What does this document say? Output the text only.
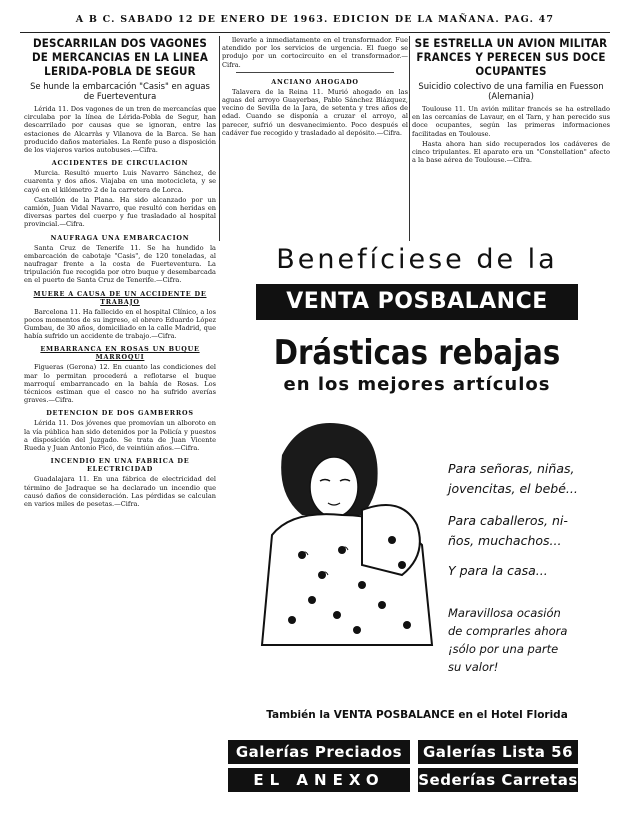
A B C. SABADO 12 DE ENERO DE 1963. EDICION DE LA MAÑANA. PAG. 47
DESCARRILAN DOS VAGONES DE MERCANCIAS EN LA LINEA LERIDA-POBLA DE SEGUR
Se hunde la embarcación "Casis" en aguas de Fuerteventura

Lérida 11. Dos vagones de un tren de mercancías que circulaba por la línea de Lérida-Pobla de Segur, han descarrilado por causas que se ignoran, entre las estaciones de Alcarràs y Vilanova de la Barca. Se han producido daños materiales. La Renfe puso a disposición de los viajeros varios autobuses.—Cifra.

ACCIDENTES DE CIRCULACION

Murcia. Resultó muerto Luis Navarro Sánchez, de cuarenta y dos años. Viajaba en una motocicleta, y se cayó en el kilómetro 2 de la carretera de Lorca.

Castellón de la Plana. Ha sido alcanzado por un camión, Juan Vidal Navarro, que resultó con heridas en diversas partes del cuerpo y fue trasladado al hospital provincial.—Cifra.

NAUFRAGA UNA EMBARCACION

Santa Cruz de Tenerife 11. Se ha hundido la embarcación de cabotaje "Casis", de 120 toneladas, al naufragar frente a la costa de Fuerteventura. La tripulación fue recogida por otro buque y desembarcada en el puerto de Santa Cruz de Tenerife.—Cifra.

MUERE A CAUSA DE UN ACCIDENTE DE TRABAJO

Barcelona 11. Ha fallecido en el hospital Clínico, a los pocos momentos de su ingreso, el obrero Eduardo López Gumbau, de 30 años, domiciliado en la calle Madrid, que había sufrido un accidente de trabajo.—Cifra.

EMBARRANCA EN ROSAS UN BUQUE MARROQUI

Figueras (Gerona) 12. En cuanto las condiciones del mar lo permitan procederá a reflotarse el buque marroquí embarrancado en la bahía de Rosas. Los técnicos estiman que el casco no ha sufrido averías graves.—Cifra.

DETENCION DE DOS GAMBERROS

Lérida 11. Dos jóvenes que promovían un alboroto en la vía pública han sido detenidos por la Policía y puestos a disposición del Juzgado. Se trata de Juan Vicente Rueda y Juan Antonio Picó, de veintiún años.—Cifra.

INCENDIO EN UNA FABRICA DE ELECTRICIDAD

Guadalajara 11. En una fábrica de electricidad del término de Jadraque se ha declarado un incendio que causó daños de consideración. Las pérdidas se calculan en varios miles de pesetas.—Cifra.

llevarle a inmediatamente en el transformador. Fue atendido por los servicios de urgencia. El fuego se produjo por un cortocircuito en el transformador.—Cifra.

ANCIANO AHOGADO

Talavera de la Reina 11. Murió ahogado en las aguas del arroyo Guayerbas, Pablo Sánchez Blázquez, vecino de Sevilla de la Jara, de setenta y tres años de edad. Cuando se disponía a cruzar el arroyo, al parecer, sufrió un desvanecimiento. Poco después el cadáver fue recogido y trasladado al depósito.—Cifra.

SE ESTRELLA UN AVION MILITAR FRANCES Y PERECEN SUS DOCE OCUPANTES
Suicidio colectivo de una familia en Fuesson (Alemania)

Toulouse 11. Un avión militar francés se ha estrellado en las cercanías de Lavaur, en el Tarn, y han perecido sus doce ocupantes, según las primeras informaciones facilitadas en Toulouse.

Hasta ahora han sido recuperados los cadáveres de cinco tripulantes. El aparato era un "Constellation" afecto a la base aérea de Toulouse.—Cifra.

Benefíciese de la
VENTA POSBALANCE
Drásticas rebajas
en los mejores artículos
Para señoras, niñas,
jovencitas, el bebé...
Para caballeros, ni-
ños, muchachos...
Y para la casa...
Maravillosa ocasión
de comprarles ahora
¡sólo por una parte
su valor!
También la VENTA POSBALANCE en el Hotel Florida
Galerías Preciados	Galerías Lista 56
EL ANEXO	Sederías Carretas
